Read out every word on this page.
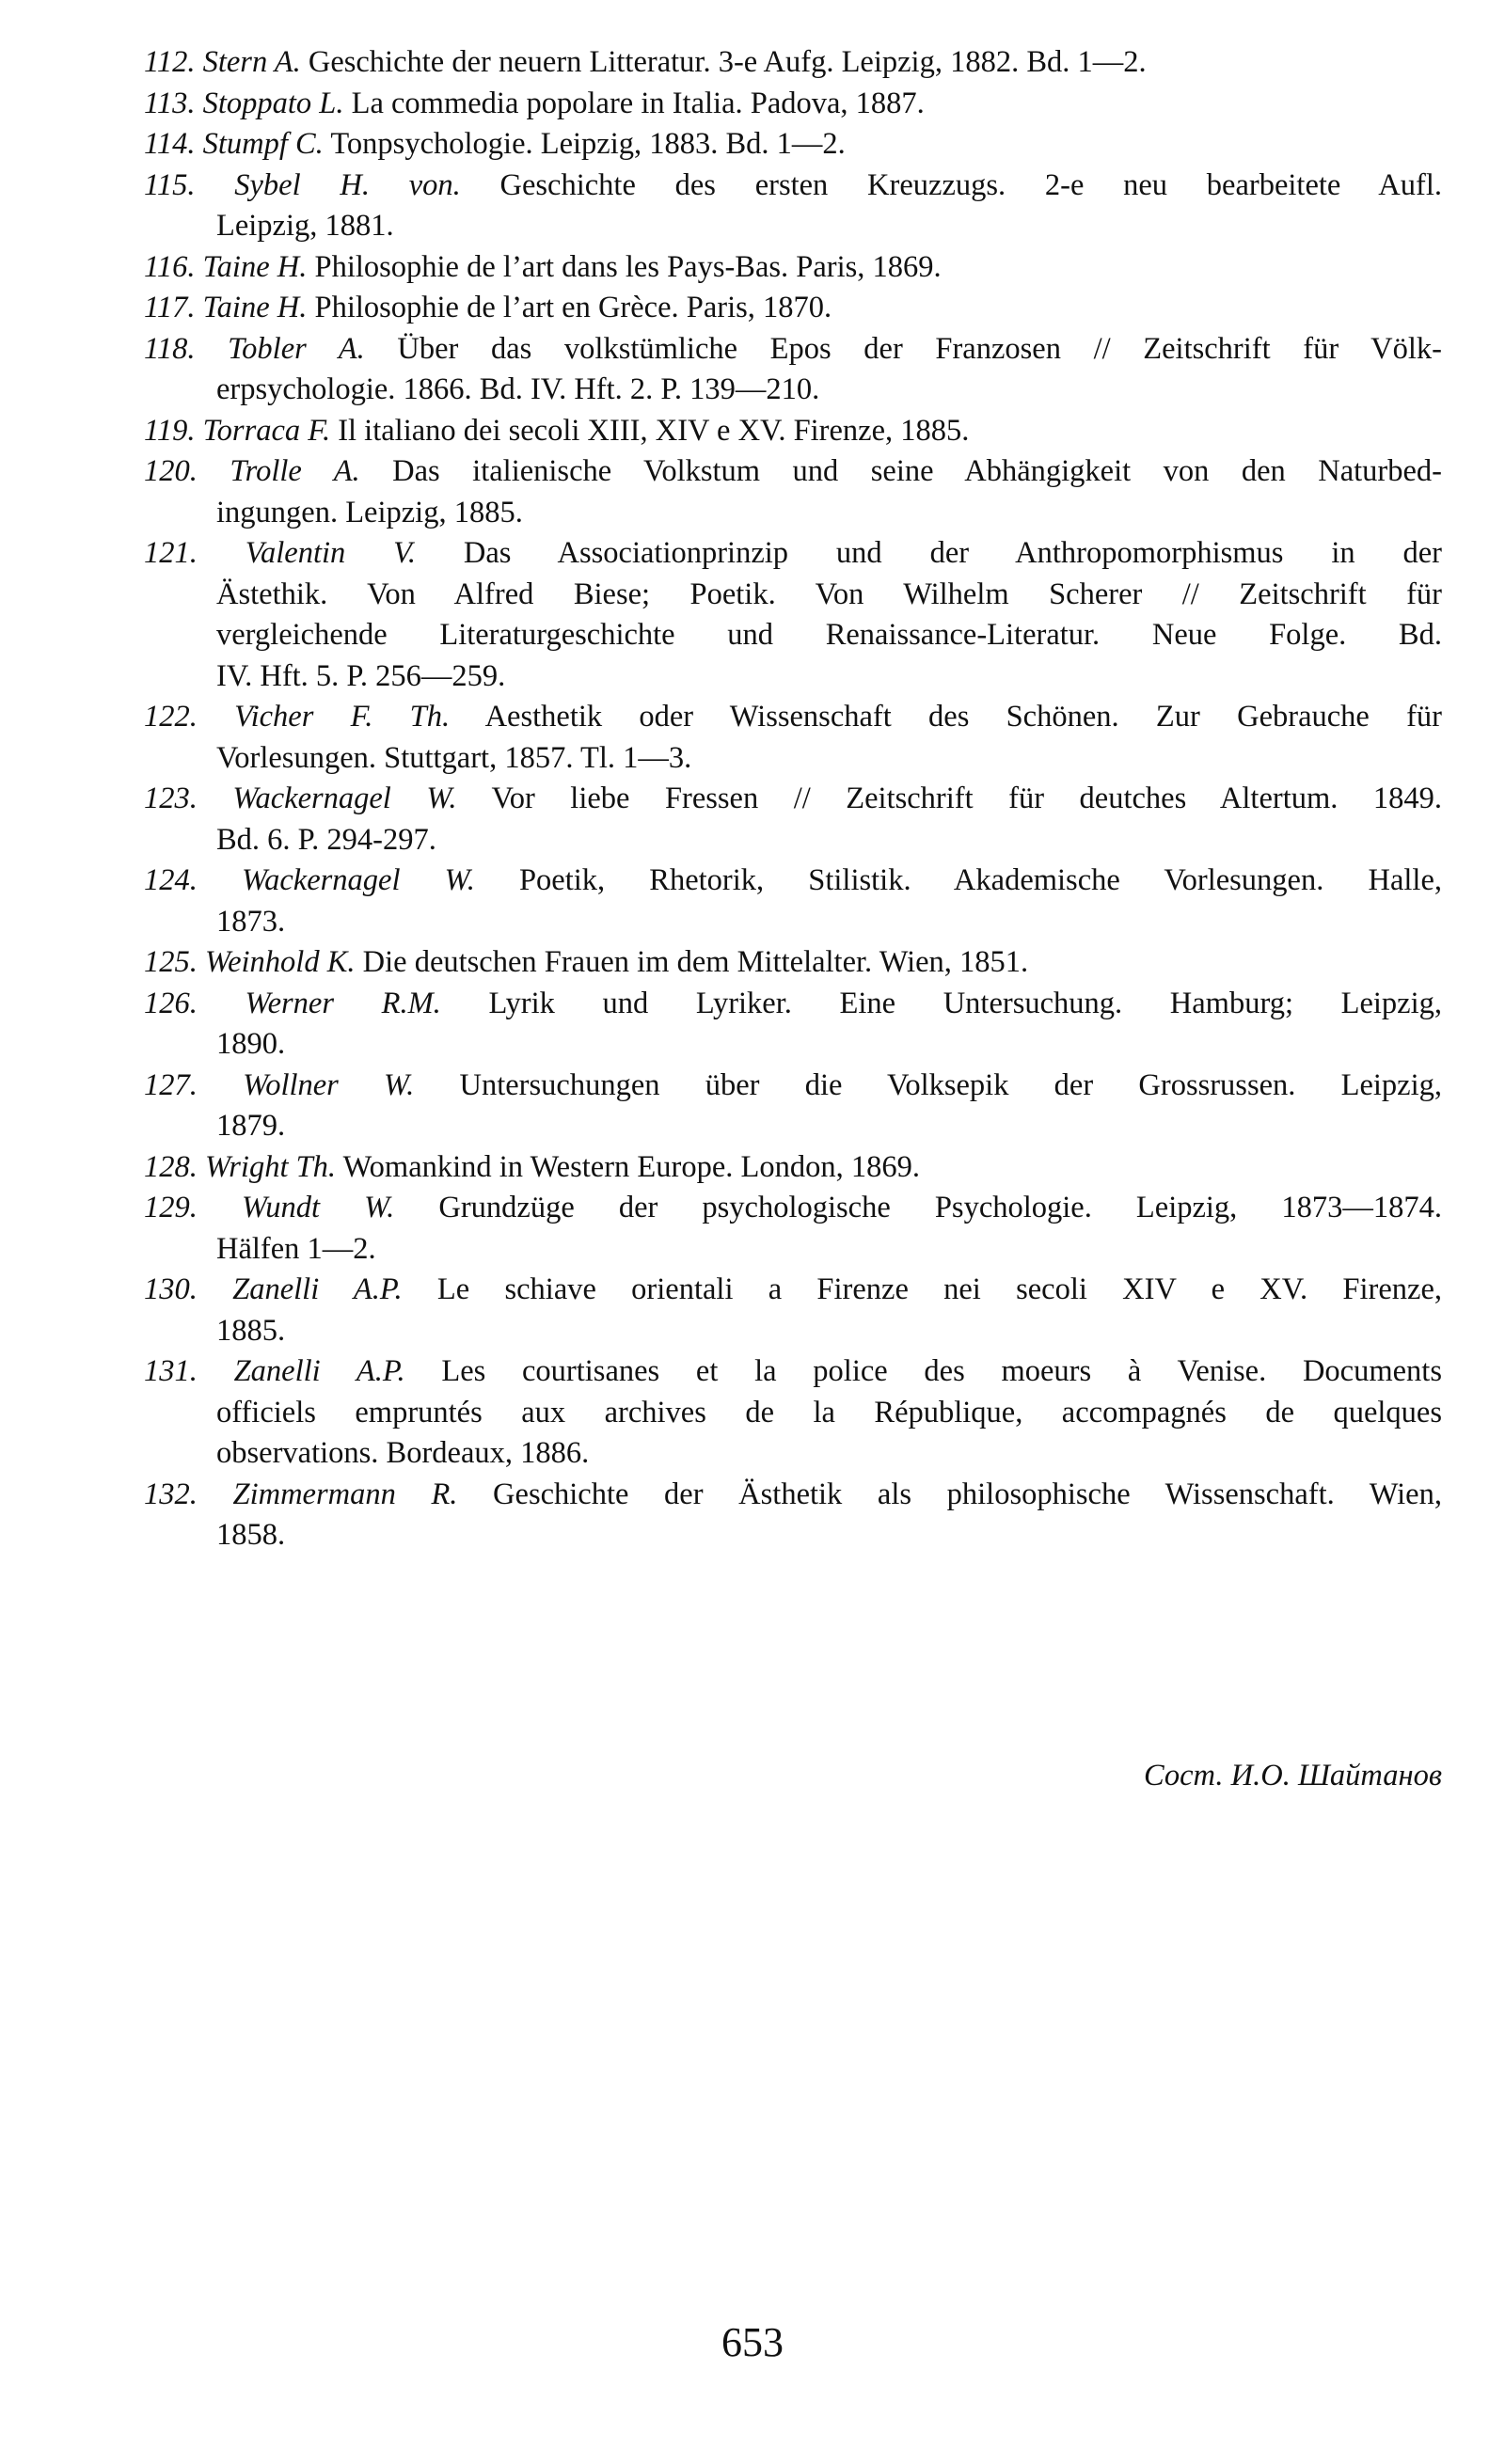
112. Stern A. Geschichte der neuern Litteratur. 3-e Aufg. Leipzig, 1882. Bd. 1—2.
113. Stoppato L. La commedia popolare in Italia. Padova, 1887.
114. Stumpf C. Tonpsychologie. Leipzig, 1883. Bd. 1—2.
115. Sybel H. von. Geschichte des ersten Kreuzzugs. 2-e neu bearbeitete Aufl.
Leipzig, 1881.
116. Taine H. Philosophie de l’art dans les Pays-Bas. Paris, 1869.
117. Taine H. Philosophie de l’art en Grèce. Paris, 1870.
118. Tobler A. Über das volkstümliche Epos der Franzosen // Zeitschrift für Völk-
erpsychologie. 1866. Bd. IV. Hft. 2. P. 139—210.
119. Torraca F. Il italiano dei secoli XIII, XIV e XV. Firenze, 1885.
120. Trolle A. Das italienische Volkstum und seine Abhängigkeit von den Naturbed-
ingungen. Leipzig, 1885.
121. Valentin V. Das Associationprinzip und der Anthropomorphismus in der
Ästethik. Von Alfred Biese; Poetik. Von Wilhelm Scherer // Zeitschrift für
vergleichende Literaturgeschichte und Renaissance-Literatur. Neue Folge. Bd.
IV. Hft. 5. P. 256—259.
122. Vicher F. Th. Aesthetik oder Wissenschaft des Schönen. Zur Gebrauche für
Vorlesungen. Stuttgart, 1857. Tl. 1—3.
123. Wackernagel W. Vor liebe Fressen // Zeitschrift für deutches Altertum. 1849.
Bd. 6. P. 294-297.
124. Wackernagel W. Poetik, Rhetorik, Stilistik. Akademische Vorlesungen. Halle,
1873.
125. Weinhold K. Die deutschen Frauen im dem Mittelalter. Wien, 1851.
126. Werner R.M. Lyrik und Lyriker. Eine Untersuchung. Hamburg; Leipzig,
1890.
127. Wollner W. Untersuchungen über die Volksepik der Grossrussen. Leipzig,
1879.
128. Wright Th. Womankind in Western Europe. London, 1869.
129. Wundt W. Grundzüge der psychologische Psychologie. Leipzig, 1873—1874.
Hälfen 1—2.
130. Zanelli A.P. Le schiave orientali a Firenze nei secoli XIV e XV. Firenze,
1885.
131. Zanelli A.P. Les courtisanes et la police des moeurs à Venise. Documents
officiels empruntés aux archives de la République, accompagnés de quelques
observations. Bordeaux, 1886.
132. Zimmermann R. Geschichte der Ästhetik als philosophische Wissenschaft. Wien,
1858.
Сост. И.О. Шайтанов
653
